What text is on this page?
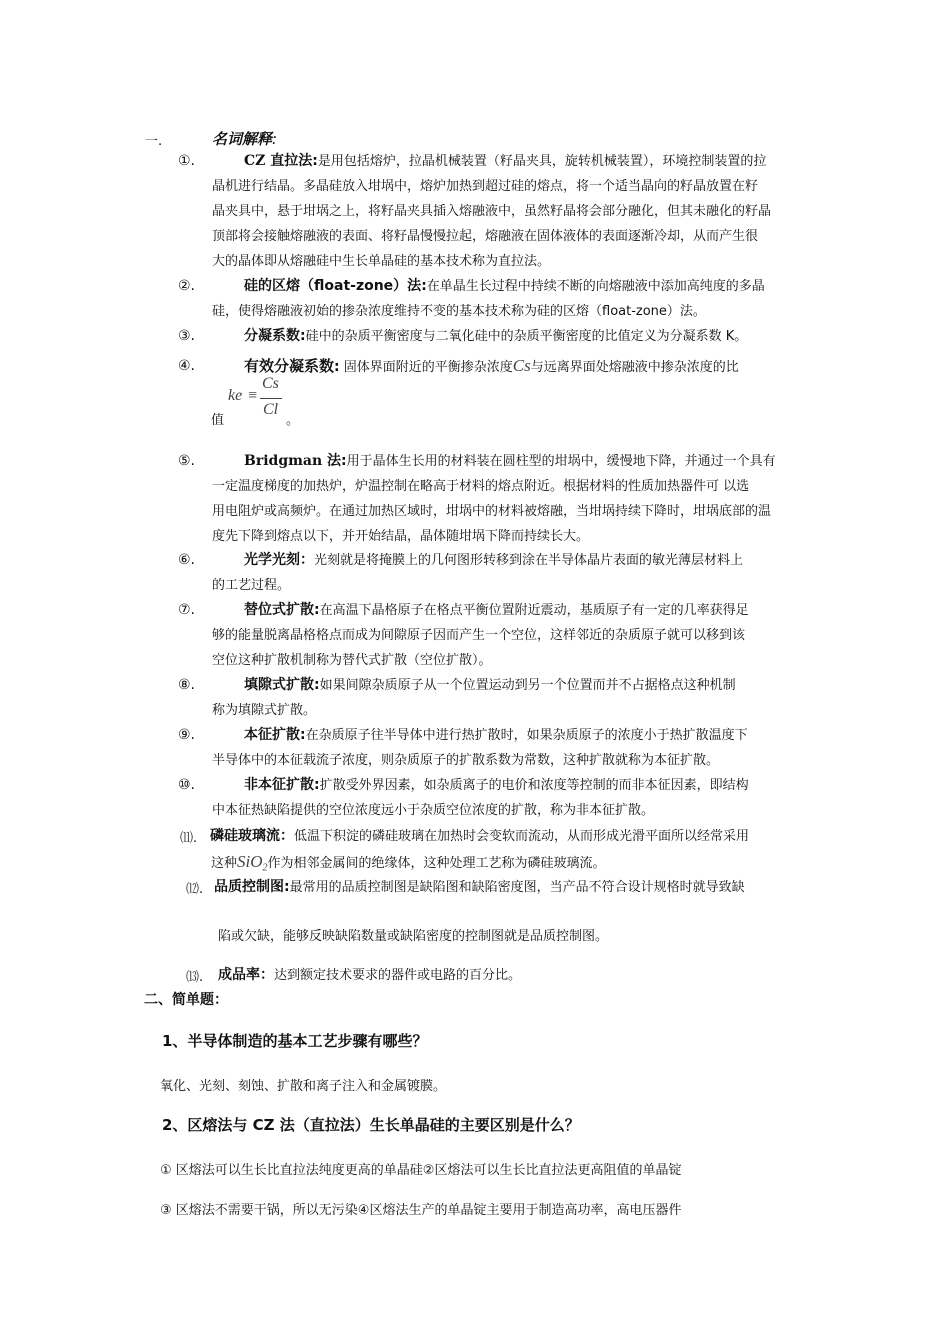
一.	名词解释:
①.	CZ 直拉法:是用包括熔炉，拉晶机械装置（籽晶夹具，旋转机械装置），环境控制装置的拉
晶机进行结晶。多晶硅放入坩埚中，熔炉加热到超过硅的熔点，将一个适当晶向的籽晶放置在籽
晶夹具中，悬于坩埚之上，将籽晶夹具插入熔融液中，虽然籽晶将会部分融化，但其未融化的籽晶
顶部将会接触熔融液的表面、将籽晶慢慢拉起，熔融液在固体液体的表面逐渐冷却，从而产生很
大的晶体即从熔融硅中生长单晶硅的基本技术称为直拉法。
②.	硅的区熔（float-zone）法:在单晶生长过程中持续不断的向熔融液中添加高纯度的多晶
硅，使得熔融液初始的掺杂浓度维持不变的基本技术称为硅的区熔（float-zone）法。
③.	分凝系数:硅中的杂质平衡密度与二氧化硅中的杂质平衡密度的比值定义为分凝系数 K。
④.	有效分凝系数: 固体界面附近的平衡掺杂浓度Cs与远离界面处熔融液中掺杂浓度的比
ke ≡
Cs
Cl
值	。
⑤.	Bridgman 法:用于晶体生长用的材料装在圆柱型的坩埚中，缓慢地下降，并通过一个具有
一定温度梯度的加热炉，炉温控制在略高于材料的熔点附近。根据材料的性质加热器件可 以选
用电阻炉或高频炉。在通过加热区域时，坩埚中的材料被熔融，当坩埚持续下降时，坩埚底部的温
度先下降到熔点以下，并开始结晶，晶体随坩埚下降而持续长大。
⑥.	光学光刻：光刻就是将掩膜上的几何图形转移到涂在半导体晶片表面的敏光薄层材料上
的工艺过程。
⑦.	替位式扩散:在高温下晶格原子在格点平衡位置附近震动，基质原子有一定的几率获得足
够的能量脱离晶格格点而成为间隙原子因而产生一个空位，这样邻近的杂质原子就可以移到该
空位这种扩散机制称为替代式扩散（空位扩散）。
⑧.	填隙式扩散:如果间隙杂质原子从一个位置运动到另一个位置而并不占据格点这种机制
称为填隙式扩散。
⑨.	本征扩散:在杂质原子往半导体中进行热扩散时，如果杂质原子的浓度小于热扩散温度下
半导体中的本征载流子浓度，则杂质原子的扩散系数为常数，这种扩散就称为本征扩散。
⑩.	非本征扩散:扩散受外界因素，如杂质离子的电价和浓度等控制的而非本征因素，即结构
中本征热缺陷提供的空位浓度远小于杂质空位浓度的扩散，称为非本征扩散。
⑾. 磷硅玻璃流：低温下积淀的磷硅玻璃在加热时会变软而流动，从而形成光滑平面所以经常采用
这种SiO$_2$作为相邻金属间的绝缘体，这种处理工艺称为磷硅玻璃流。
⑿. 品质控制图:最常用的品质控制图是缺陷图和缺陷密度图，当产品不符合设计规格时就导致缺
陷或欠缺，能够反映缺陷数量或缺陷密度的控制图就是品质控制图。
⒀. 成品率：达到额定技术要求的器件或电路的百分比。
二、简单题：
1、半导体制造的基本工艺步骤有哪些？
氧化、光刻、刻蚀、扩散和离子注入和金属镀膜。
2、区熔法与 CZ 法（直拉法）生长单晶硅的主要区别是什么？
① 区熔法可以生长比直拉法纯度更高的单晶硅②区熔法可以生长比直拉法更高阻值的单晶锭
③ 区熔法不需要干锅，所以无污染④区熔法生产的单晶锭主要用于制造高功率，高电压器件
